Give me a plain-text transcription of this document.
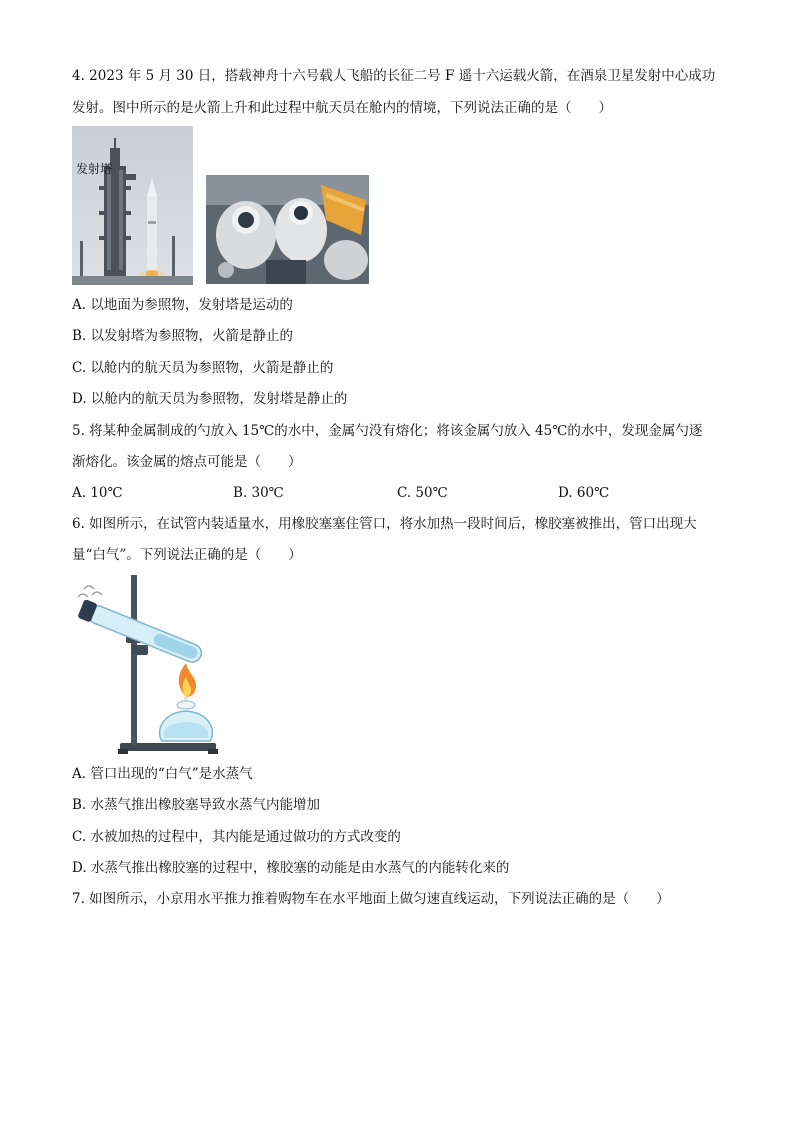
4. 2023 年 5 月 30 日，搭载神舟十六号载人飞船的长征二号 F 遥十六运载火箭，在酒泉卫星发射中心成功
发射。图中所示的是火箭上升和此过程中航天员在舱内的情境，下列说法正确的是（　　）
发射塔
A. 以地面为参照物，发射塔是运动的
B. 以发射塔为参照物，火箭是静止的
C. 以舱内的航天员为参照物，火箭是静止的
D. 以舱内的航天员为参照物，发射塔是静止的
5. 将某种金属制成的勺放入 15℃的水中，金属勺没有熔化；将该金属勺放入 45℃的水中，发现金属勺逐
渐熔化。该金属的熔点可能是（　　）
A. 10℃	B. 30℃	C. 50℃	D. 60℃
6. 如图所示，在试管内装适量水，用橡胶塞塞住管口，将水加热一段时间后，橡胶塞被推出，管口出现大
量“白气”。下列说法正确的是（　　）
A. 管口出现的“白气”是水蒸气
B. 水蒸气推出橡胶塞导致水蒸气内能增加
C. 水被加热的过程中，其内能是通过做功的方式改变的
D. 水蒸气推出橡胶塞的过程中，橡胶塞的动能是由水蒸气的内能转化来的
7. 如图所示，小京用水平推力推着购物车在水平地面上做匀速直线运动，下列说法正确的是（　　）
